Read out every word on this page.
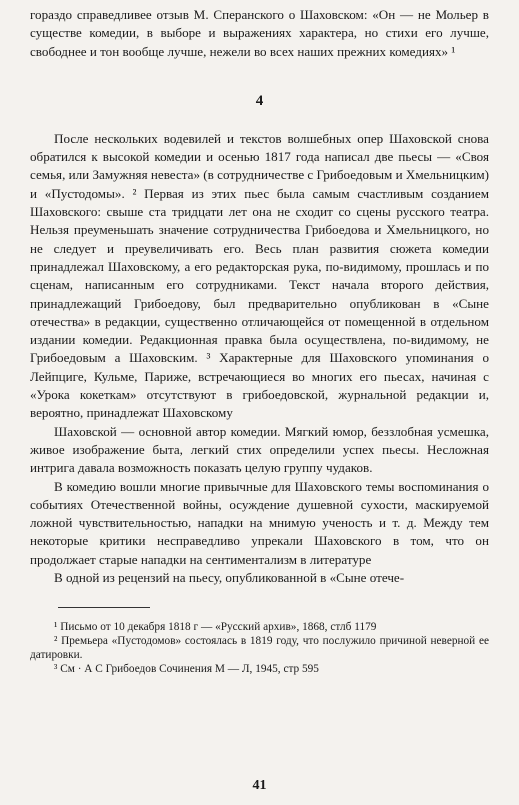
гораздо справедливее отзыв М. Сперанского о Шаховском: «Он — не Мольер в существе комедии, в выборе и выражениях характера, но стихи его лучше, свободнее и тон вообще лучше, нежели во всех наших прежних комедиях» ¹

4

После нескольких водевилей и текстов волшебных опер Шаховской снова обратился к высокой комедии и осенью 1817 года написал две пьесы — «Своя семья, или Замужняя невеста» (в сотрудничестве с Грибоедовым и Хмельницким) и «Пустодомы». ² Первая из этих пьес была самым счастливым созданием Шаховского: свыше ста тридцати лет она не сходит со сцены русского театра. Нельзя преуменьшать значение сотрудничества Грибоедова и Хмельницкого, но не следует и преувеличивать его. Весь план развития сюжета комедии принадлежал Шаховскому, а его редакторская рука, по-видимому, прошлась и по сценам, написанным его сотрудниками. Текст начала второго действия, принадлежащий Грибоедову, был предварительно опубликован в «Сыне отечества» в редакции, существенно отличающейся от помещенной в отдельном издании комедии. Редакционная правка была осуществлена, по-видимому, не Грибоедовым а Шаховским. ³ Характерные для Шаховского упоминания о Лейпциге, Кульме, Париже, встречающиеся во многих его пьесах, начиная с «Урока кокеткам» отсутствуют в грибоедовской, журнальной редакции и, вероятно, принадлежат Шаховскому

Шаховской — основной автор комедии. Мягкий юмор, беззлобная усмешка, живое изображение быта, легкий стих определили успех пьесы. Несложная интрига давала возможность показать целую группу чудаков.

В комедию вошли многие привычные для Шаховского темы воспоминания о событиях Отечественной войны, осуждение душевной сухости, маскируемой ложной чувствительностью, нападки на мнимую ученость и т. д. Между тем некоторые критики несправедливо упрекали Шаховского в том, что он продолжает старые нападки на сентиментализм в литературе

В одной из рецензий на пьесу, опубликованной в «Сыне отече-

¹ Письмо от 10 декабря 1818 г — «Русский архив», 1868, стлб 1179

² Премьера «Пустодомов» состоялась в 1819 году, что послужило причиной неверной ее датировки.

³ См · А С Грибоедов Сочинения М — Л, 1945, стр 595

41
